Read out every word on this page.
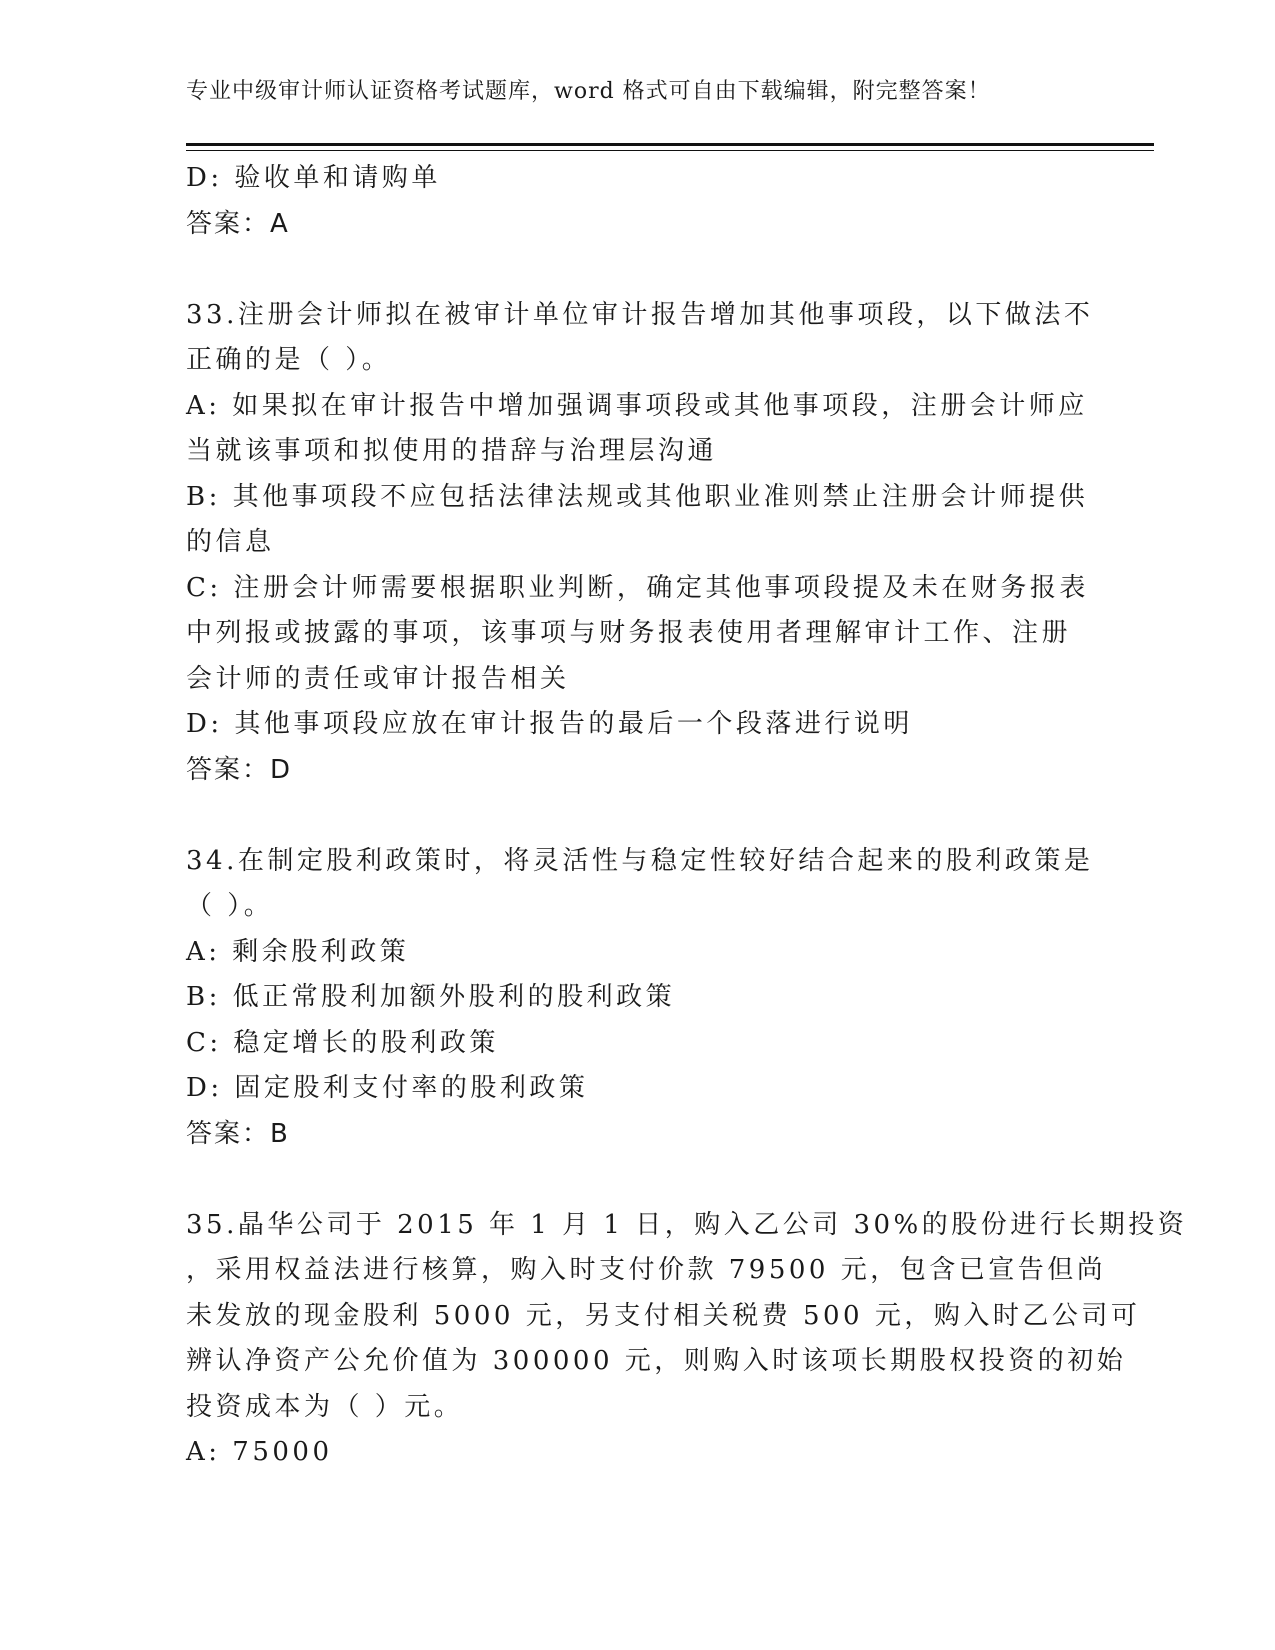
专业中级审计师认证资格考试题库，word 格式可自由下载编辑，附完整答案！
D: 验收单和请购单
答案：A
33.注册会计师拟在被审计单位审计报告增加其他事项段，以下做法不
正确的是（ ）。
A: 如果拟在审计报告中增加强调事项段或其他事项段，注册会计师应
当就该事项和拟使用的措辞与治理层沟通
B: 其他事项段不应包括法律法规或其他职业准则禁止注册会计师提供
的信息
C: 注册会计师需要根据职业判断，确定其他事项段提及未在财务报表
中列报或披露的事项，该事项与财务报表使用者理解审计工作、注册
会计师的责任或审计报告相关
D: 其他事项段应放在审计报告的最后一个段落进行说明
答案：D
34.在制定股利政策时，将灵活性与稳定性较好结合起来的股利政策是
（ ）。
A: 剩余股利政策
B: 低正常股利加额外股利的股利政策
C: 稳定增长的股利政策
D: 固定股利支付率的股利政策
答案：B
35.晶华公司于 2015 年 1 月 1 日，购入乙公司 30%的股份进行长期投资
，采用权益法进行核算，购入时支付价款 79500 元，包含已宣告但尚
未发放的现金股利 5000 元，另支付相关税费 500 元，购入时乙公司可
辨认净资产公允价值为 300000 元，则购入时该项长期股权投资的初始
投资成本为（ ）元。
A: 75000
